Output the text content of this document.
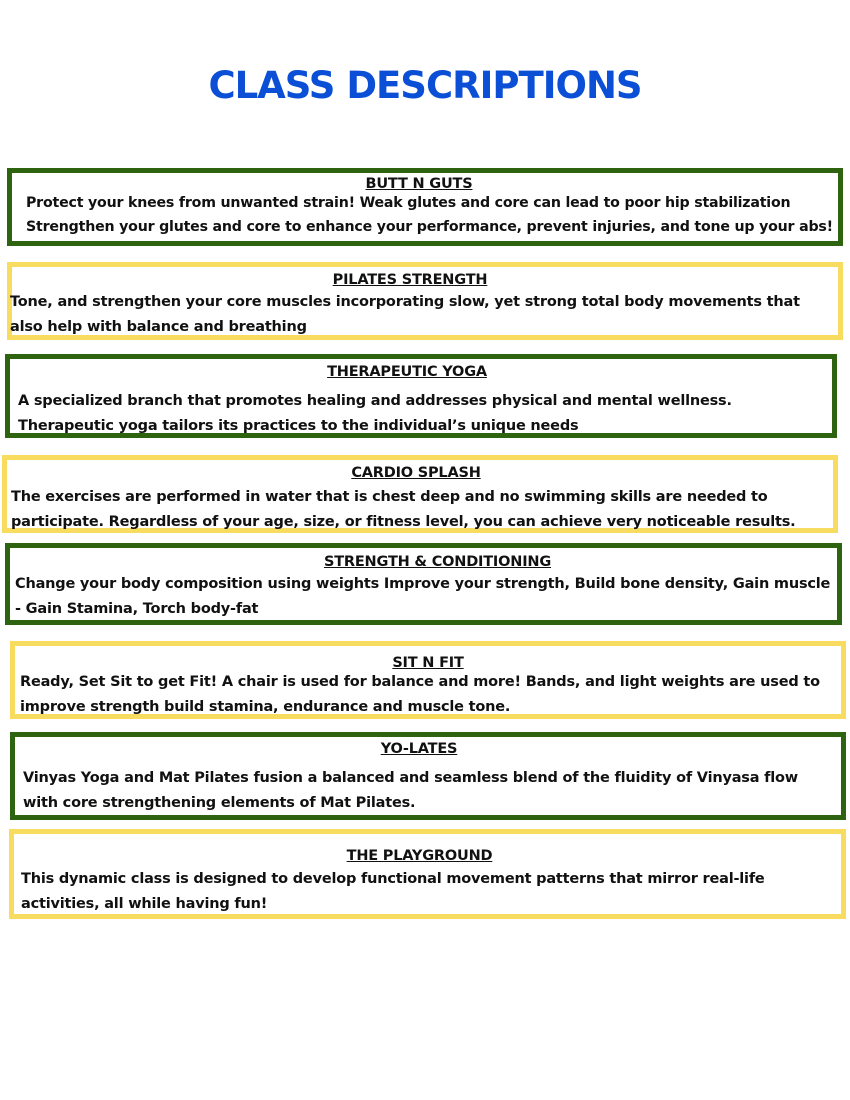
CLASS DESCRIPTIONS
BUTT N GUTS
Protect your knees from unwanted strain! Weak glutes and core can lead to poor hip stabilization
Strengthen your glutes and core to enhance your performance, prevent injuries, and tone up your abs!
PILATES STRENGTH
Tone, and strengthen your core muscles incorporating slow, yet strong total body movements that
also help with balance and breathing
THERAPEUTIC YOGA
A specialized branch that promotes healing and addresses physical and mental wellness.
Therapeutic yoga tailors its practices to the individual’s unique needs
CARDIO SPLASH
The exercises are performed in water that is chest deep and no swimming skills are needed to
participate. Regardless of your age, size, or fitness level, you can achieve very noticeable results.
STRENGTH & CONDITIONING
Change your body composition using weights Improve your strength, Build bone density, Gain muscle
- Gain Stamina, Torch body-fat
SIT N FIT
Ready, Set Sit to get Fit! A chair is used for balance and more! Bands, and light weights are used to
improve strength build stamina, endurance and muscle tone.
YO-LATES
Vinyas Yoga and Mat Pilates fusion a balanced and seamless blend of the fluidity of Vinyasa flow
with core strengthening elements of Mat Pilates.
THE PLAYGROUND
This dynamic class is designed to develop functional movement patterns that mirror real-life
activities, all while having fun!
